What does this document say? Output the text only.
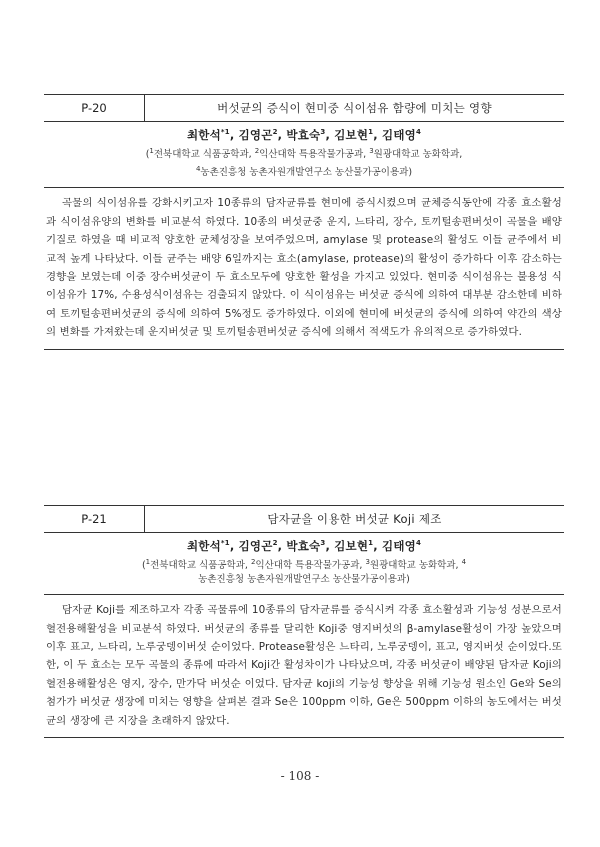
P-20	버섯균의 증식이 현미중 식이섬유 함량에 미치는 영향
최한석$^{*1}$, 김영곤$^2$, 박효숙$^3$, 김보현$^1$, 김태영$^4$
($^1$전북대학교 식품공학과, $^2$익산대학 특용작물가공과, $^3$원광대학교 농화학과,
$^4$농촌진흥청 농촌자원개발연구소 농산물가공이용과)
곡물의 식이섬유를 강화시키고자 10종류의 담자균류를 현미에 증식시켰으며 균체증식동안에 각종 효소활성과 식이섬유양의 변화를 비교분석 하였다. 10종의 버섯균중 운지, 느타리, 장수, 토끼털송편버섯이 곡물을 배양기질로 하였을 때 비교적 양호한 균체성장을 보여주었으며, amylase 및 protease의 활성도 이들 균주에서 비교적 높게 나타났다. 이들 균주는 배양 6일까지는 효소(amylase, protease)의 활성이 증가하다 이후 감소하는 경향을 보였는데 이중 장수버섯균이 두 효소모두에 양호한 활성을 가지고 있었다. 현미중 식이섬유는 불용성 식이섬유가 17%, 수용성식이섬유는 검출되지 않았다. 이 식이섬유는 버섯균 증식에 의하여 대부분 감소한데 비하여 토끼털송편버섯균의 증식에 의하여 5%정도 증가하였다. 이외에 현미에 버섯균의 증식에 의하여 약간의 색상의 변화를 가져왔는데 운지버섯균 및 토끼털송편버섯균 증식에 의해서 적색도가 유의적으로 증가하였다.
P-21	담자균을 이용한 버섯균 Koji 제조
최한석$^{*1}$, 김영곤$^2$, 박효숙$^3$, 김보현$^1$, 김태영$^4$
($^1$전북대학교 식품공학과, $^2$익산대학 특용작물가공과, $^3$원광대학교 농화학과, $^4$
농촌진흥청 농촌자원개발연구소 농산물가공이용과)
담자균 Koji를 제조하고자 각종 곡물류에 10종류의 담자균류를 증식시켜 각종 효소활성과 기능성 성분으로서 혈전용해활성을 비교분석 하였다. 버섯균의 종류를 달리한 Koji중 영지버섯의 β-amylase활성이 가장 높았으며 이후 표고, 느타리, 노루궁뎅이버섯 순이었다. Protease활성은 느타리, 노루궁뎅이, 표고, 영지버섯 순이었다.또한, 이 두 효소는 모두 곡물의 종류에 따라서 Koji간 활성차이가 나타났으며, 각종 버섯균이 배양된 담자균 Koji의 혈전용해활성은 영지, 장수, 만가닥 버섯순 이었다. 담자균 koji의 기능성 향상을 위해 기능성 원소인 Ge와 Se의 첨가가 버섯균 생장에 미치는 영향을 살펴본 결과 Se은 100ppm 이하, Ge은 500ppm 이하의 농도에서는 버섯균의 생장에 큰 지장을 초래하지 않았다.
- 108 -
